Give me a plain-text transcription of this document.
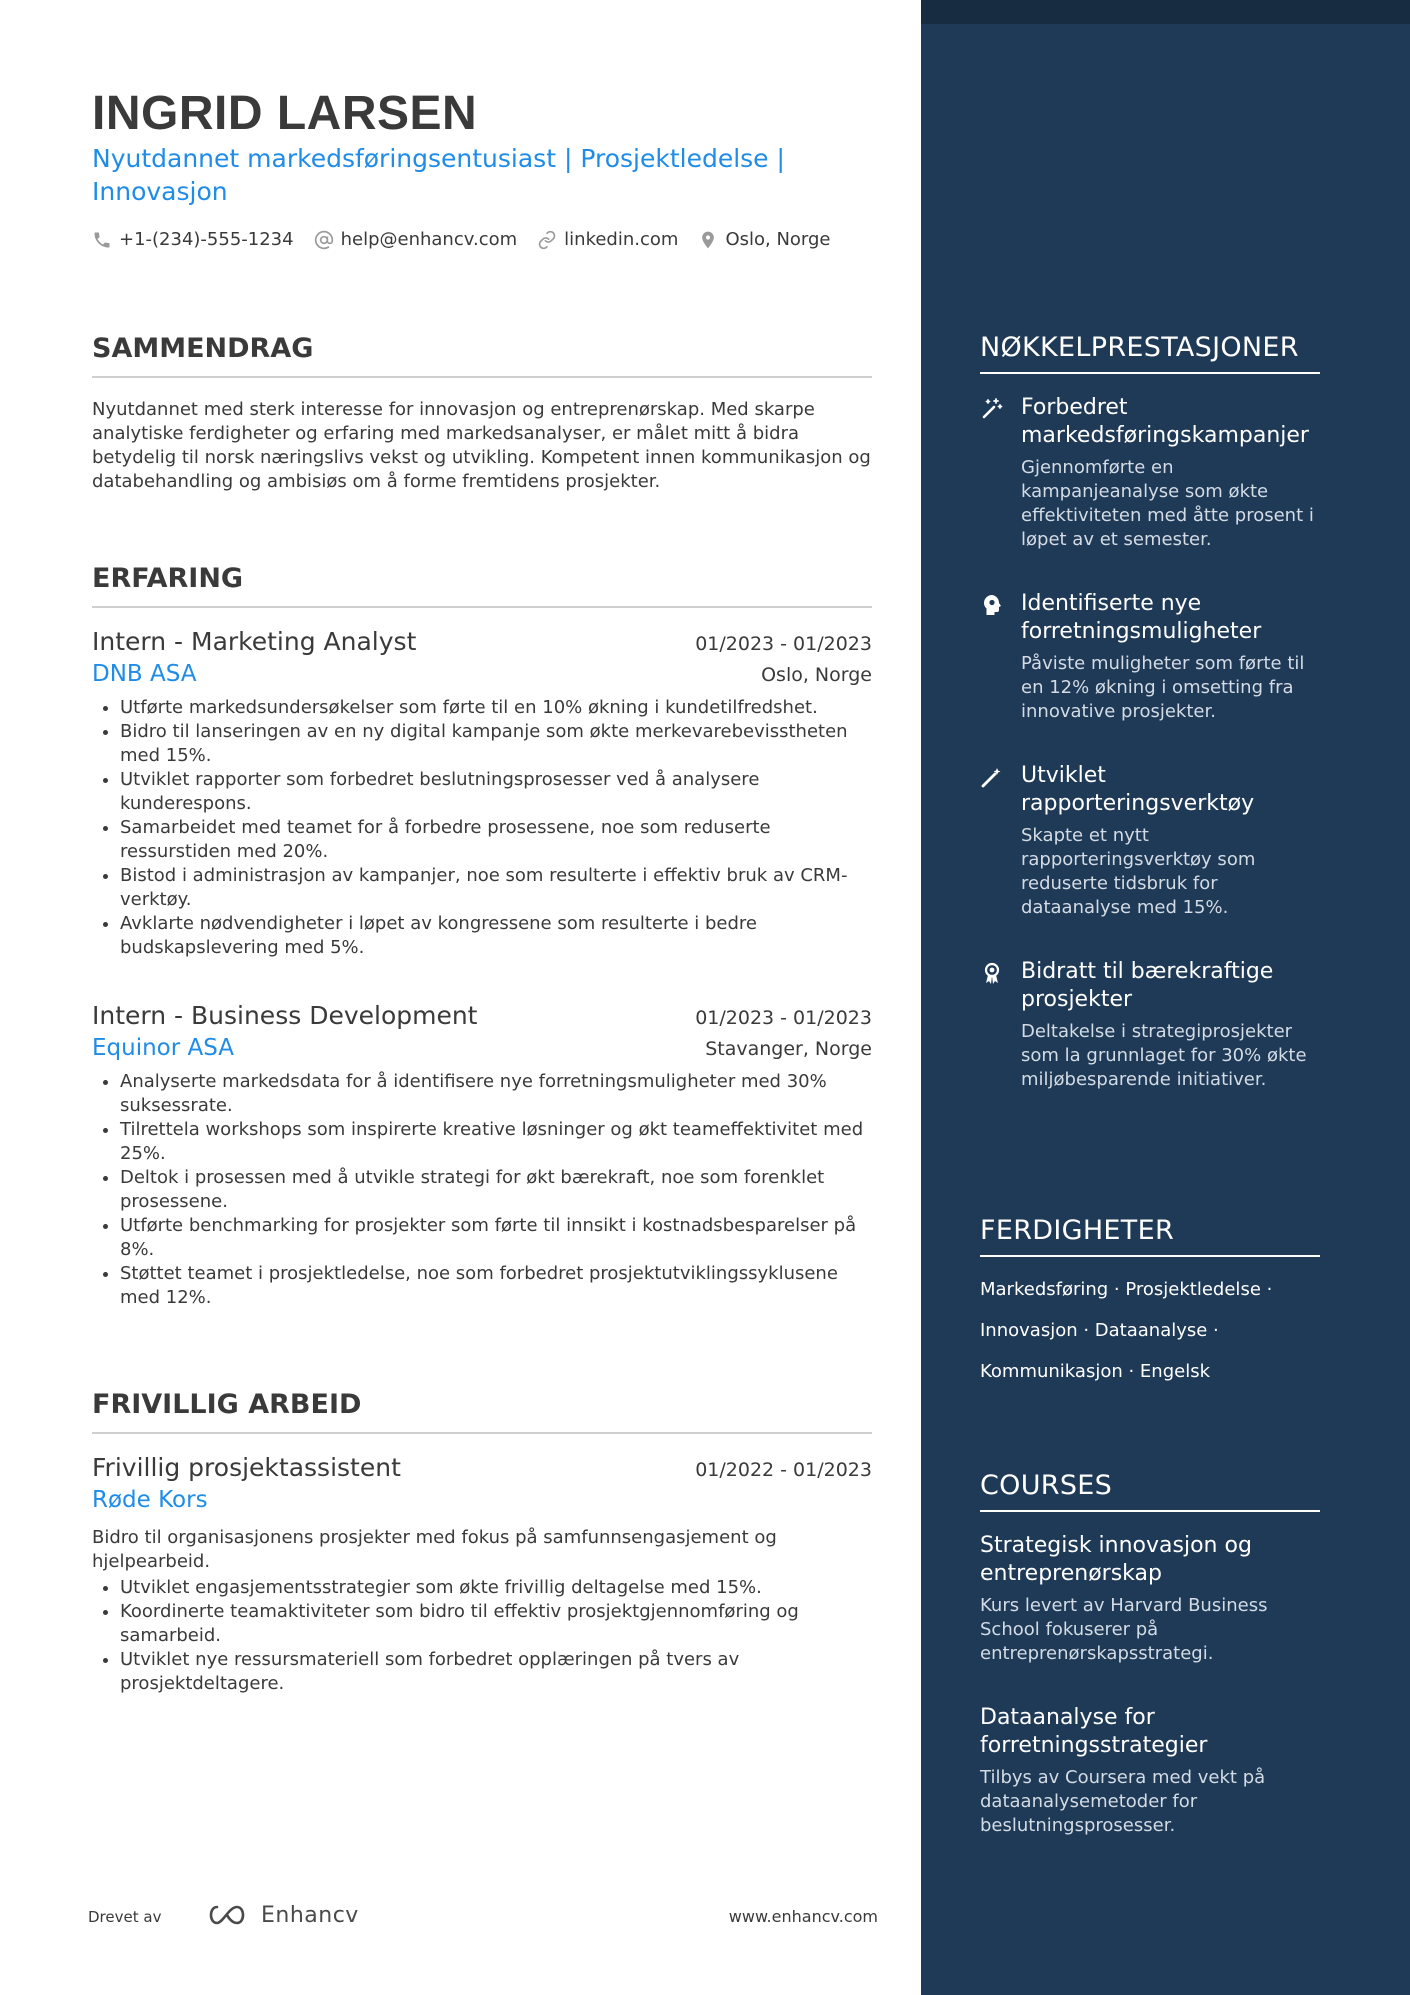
INGRID LARSEN
Nyutdannet markedsføringsentusiast | Prosjektledelse | Innovasjon
+1-(234)-555-1234	help@enhancv.com	linkedin.com	Oslo, Norge
SAMMENDRAG

Nyutdannet med sterk interesse for innovasjon og entreprenørskap. Med skarpe analytiske ferdigheter og erfaring med markedsanalyser, er målet mitt å bidra betydelig til norsk næringslivs vekst og utvikling. Kompetent innen kommunikasjon og databehandling og ambisiøs om å forme fremtidens prosjekter.

ERFARING
Intern - Marketing Analyst	01/2023 - 01/2023
DNB ASA	Oslo, Norge
• Utførte markedsundersøkelser som førte til en 10% økning i kundetilfredshet.
• Bidro til lanseringen av en ny digital kampanje som økte merkevarebevisstheten med 15%.
• Utviklet rapporter som forbedret beslutningsprosesser ved å analysere kunderespons.
• Samarbeidet med teamet for å forbedre prosessene, noe som reduserte ressurstiden med 20%.
• Bistod i administrasjon av kampanjer, noe som resulterte i effektiv bruk av CRM-verktøy.
• Avklarte nødvendigheter i løpet av kongressene som resulterte i bedre budskapslevering med 5%.
Intern - Business Development	01/2023 - 01/2023
Equinor ASA	Stavanger, Norge
• Analyserte markedsdata for å identifisere nye forretningsmuligheter med 30% suksessrate.
• Tilrettela workshops som inspirerte kreative løsninger og økt teameffektivitet med 25%.
• Deltok i prosessen med å utvikle strategi for økt bærekraft, noe som forenklet prosessene.
• Utførte benchmarking for prosjekter som førte til innsikt i kostnadsbesparelser på 8%.
• Støttet teamet i prosjektledelse, noe som forbedret prosjektutviklingssyklusene med 12%.
FRIVILLIG ARBEID
Frivillig prosjektassistent	01/2022 - 01/2023
Røde Kors

Bidro til organisasjonens prosjekter med fokus på samfunnsengasjement og hjelpearbeid.

• Utviklet engasjementsstrategier som økte frivillig deltagelse med 15%.
• Koordinerte teamaktiviteter som bidro til effektiv prosjektgjennomføring og samarbeid.
• Utviklet nye ressursmateriell som forbedret opplæringen på tvers av prosjektdeltagere.
NØKKELPRESTASJONER
Forbedret markedsføringskampanjer
Gjennomførte en kampanjeanalyse som økte effektiviteten med åtte prosent i løpet av et semester.
Identifiserte nye forretningsmuligheter
Påviste muligheter som førte til en 12% økning i omsetting fra innovative prosjekter.
Utviklet rapporteringsverktøy
Skapte et nytt rapporteringsverktøy som reduserte tidsbruk for dataanalyse med 15%.
Bidratt til bærekraftige prosjekter
Deltakelse i strategiprosjekter som la grunnlaget for 30% økte miljøbesparende initiativer.
FERDIGHETER
Markedsføring · Prosjektledelse ·
Innovasjon · Dataanalyse ·
Kommunikasjon · Engelsk
COURSES
Strategisk innovasjon og entreprenørskap
Kurs levert av Harvard Business School fokuserer på entreprenørskapsstrategi.
Dataanalyse for forretningsstrategier
Tilbys av Coursera med vekt på dataanalysemetoder for beslutningsprosesser.
Drevet av	Enhancv	www.enhancv.com
